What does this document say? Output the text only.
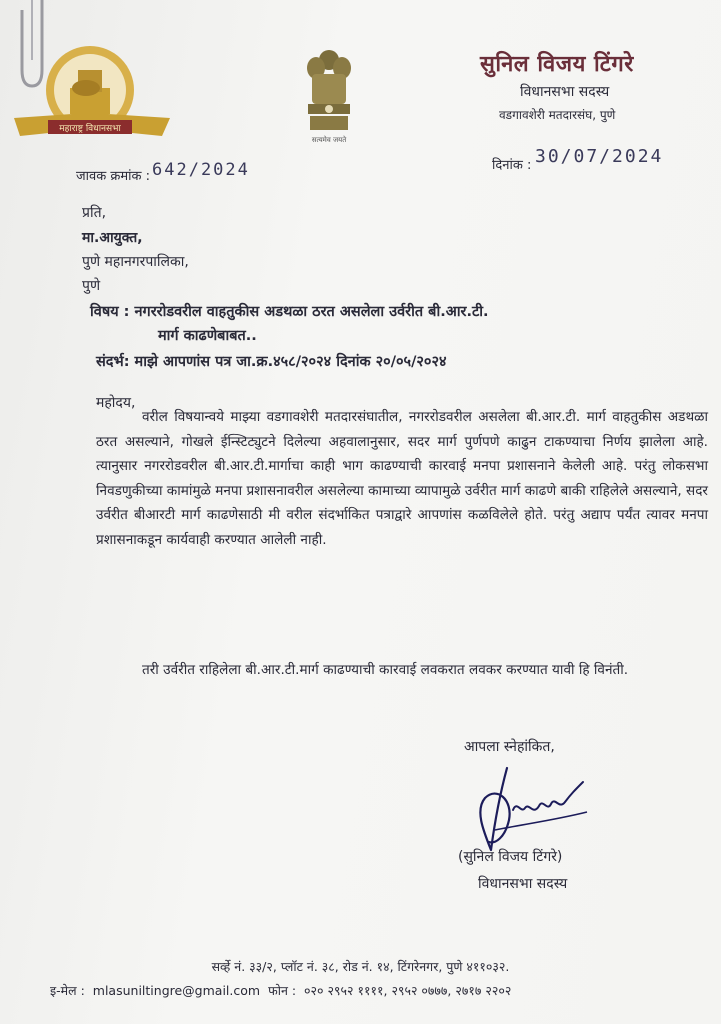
महाराष्ट्र विधानसभा
सत्यमेव जयते
सुनिल विजय टिंगरे
विधानसभा सदस्य
वडगावशेरी मतदारसंघ, पुणे
जावक क्रमांक : 642/2024	दिनांक : 30/07/2024
प्रति,
मा.आयुक्त,
पुणे महानगरपालिका,
पुणे
विषय : नगररोडवरील वाहतुकीस अडथळा ठरत असलेला उर्वरीत बी.आर.टी.
मार्ग काढणेबाबत..
संदर्भ: माझे आपणांस पत्र जा.क्र.४५८/२०२४ दिनांक २०/०५/२०२४
महोदय,
वरील विषयान्वये माझ्या वडगावशेरी मतदारसंघातील, नगररोडवरील असलेला बी.आर.टी. मार्ग वाहतुकीस अडथळा ठरत असल्याने, गोखले ईन्स्टिट्युटने दिलेल्या अहवालानुसार, सदर मार्ग पुर्णपणे काढुन टाकण्याचा निर्णय झालेला आहे. त्यानुसार नगररोडवरील बी.आर.टी.मार्गाचा काही भाग काढण्याची कारवाई मनपा प्रशासनाने केलेली आहे. परंतु लोकसभा निवडणुकीच्या कामांमुळे मनपा प्रशासनावरील असलेल्या कामाच्या व्यापामुळे उर्वरीत मार्ग काढणे बाकी राहिलेले असल्याने, सदर उर्वरीत बीआरटी मार्ग काढणेसाठी मी वरील संदर्भाकित पत्राद्वारे आपणांस कळविलेले होते. परंतु अद्याप पर्यंत त्यावर मनपा प्रशासनाकडून कार्यवाही करण्यात आलेली नाही.
तरी उर्वरीत राहिलेला बी.आर.टी.मार्ग काढण्याची कारवाई लवकरात लवकर करण्यात यावी हि विनंती.
आपला स्नेहांकित,
(सुनिल विजय टिंगरे)
विधानसभा सदस्य
सर्व्हे नं. ३३/२, प्लॉट नं. ३८, रोड नं. १४, टिंगरेनगर, पुणे ४११०३२.
इ-मेल : mlasuniltingre@gmail.com फोन : ०२० २९५२ ११११, २९५२ ०७७७, २७१७ २२०२
